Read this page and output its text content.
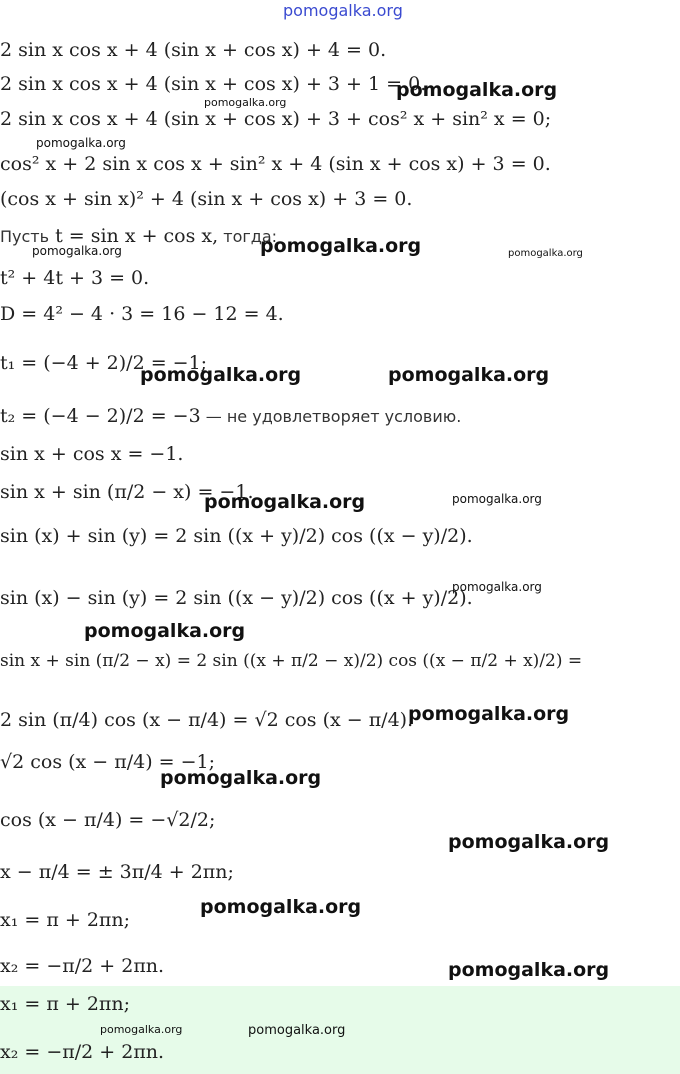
pomogalka.org
2 sin x cos x + 4 (sin x + cos x) + 4 = 0.
2 sin x cos x + 4 (sin x + cos x) + 3 + 1 = 0.
2 sin x cos x + 4 (sin x + cos x) + 3 + cos² x + sin² x = 0;
cos² x + 2 sin x cos x + sin² x + 4 (sin x + cos x) + 3 = 0.
(cos x + sin x)² + 4 (sin x + cos x) + 3 = 0.
Пусть t = sin x + cos x, тогда:
t² + 4t + 3 = 0.
D = 4² − 4 · 3 = 16 − 12 = 4.
t₁ = (−4 + 2)/2 = −1;
t₂ = (−4 − 2)/2 = −3 — не удовлетворяет условию.
sin x + cos x = −1.
sin x + sin (π/2 − x) = −1.
sin (x) + sin (y) = 2 sin ((x + y)/2) cos ((x − y)/2).
sin (x) − sin (y) = 2 sin ((x − y)/2) cos ((x + y)/2).
sin x + sin (π/2 − x) = 2 sin ((x + π/2 − x)/2) cos ((x − π/2 + x)/2) =
2 sin (π/4) cos (x − π/4) = √2 cos (x − π/4).
√2 cos (x − π/4) = −1;
cos (x − π/4) = −√2/2;
x − π/4 = ± 3π/4 + 2πn;
x₁ = π + 2πn;
x₂ = −π/2 + 2πn.
x₁ = π + 2πn;
x₂ = −π/2 + 2πn.
pomogalka.org
pomogalka.org
pomogalka.org
pomogalka.org
pomogalka.org	pomogalka.org
pomogalka.org	pomogalka.org
pomogalka.org	pomogalka.org
pomogalka.org
pomogalka.org
pomogalka.org
pomogalka.org
pomogalka.org
pomogalka.org
pomogalka.org
pomogalka.org	pomogalka.org
